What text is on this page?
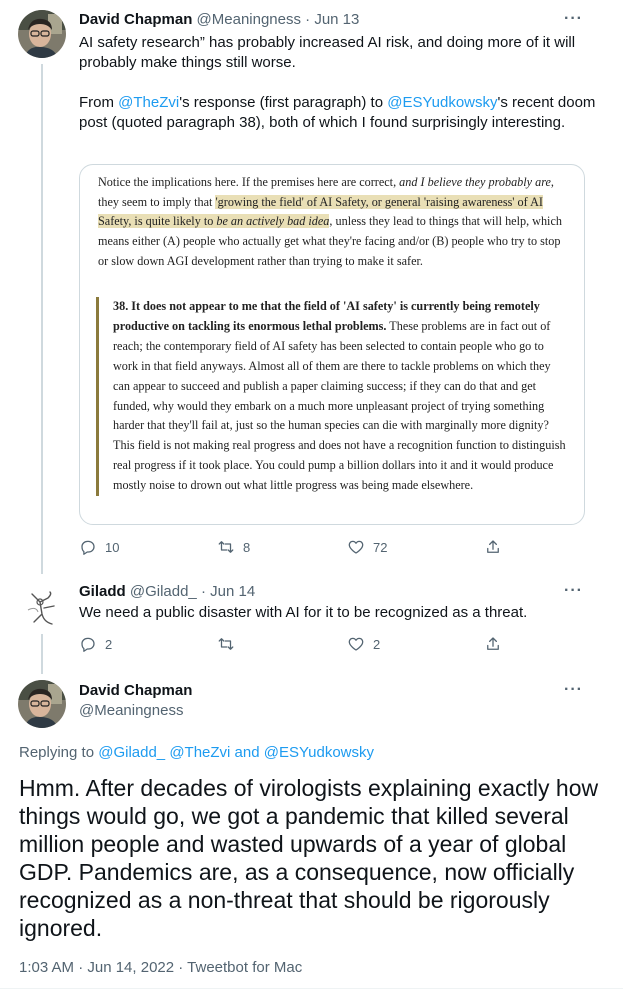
David Chapman @Meaningness · Jun 13	···
AI safety research” has probably increased AI risk, and doing more of it will probably make things still worse.
From @TheZvi's response (first paragraph) to @ESYudkowsky's recent doom post (quoted paragraph 38), both of which I found surprisingly interesting.
Notice the implications here. If the premises here are correct, and I believe they probably are, they seem to imply that 'growing the field' of AI Safety, or general 'raising awareness' of AI Safety, is quite likely to be an actively bad idea, unless they lead to things that will help, which means either (A) people who actually get what they're facing and/or (B) people who try to stop or slow down AGI development rather than trying to make it safer.
38. It does not appear to me that the field of 'AI safety' is currently being remotely productive on tackling its enormous lethal problems. These problems are in fact out of reach; the contemporary field of AI safety has been selected to contain people who go to work in that field anyways. Almost all of them are there to tackle problems on which they can appear to succeed and publish a paper claiming success; if they can do that and get funded, why would they embark on a much more unpleasant project of trying something harder that they'll fail at, just so the human species can die with marginally more dignity? This field is not making real progress and does not have a recognition function to distinguish real progress if it took place. You could pump a billion dollars into it and it would produce mostly noise to drown out what little progress was being made elsewhere.
10	8	72
Giladd @Giladd_ · Jun 14	···
We need a public disaster with AI for it to be recognized as a threat.
2	2
David Chapman
@Meaningness
···
Replying to @Giladd_ @TheZvi and @ESYudkowsky
Hmm. After decades of virologists explaining exactly how things would go, we got a pandemic that killed several million people and wasted upwards of a year of global GDP. Pandemics are, as a consequence, now officially recognized as a non-threat that should be rigorously ignored.
1:03 AM · Jun 14, 2022 · Tweetbot for Mac
